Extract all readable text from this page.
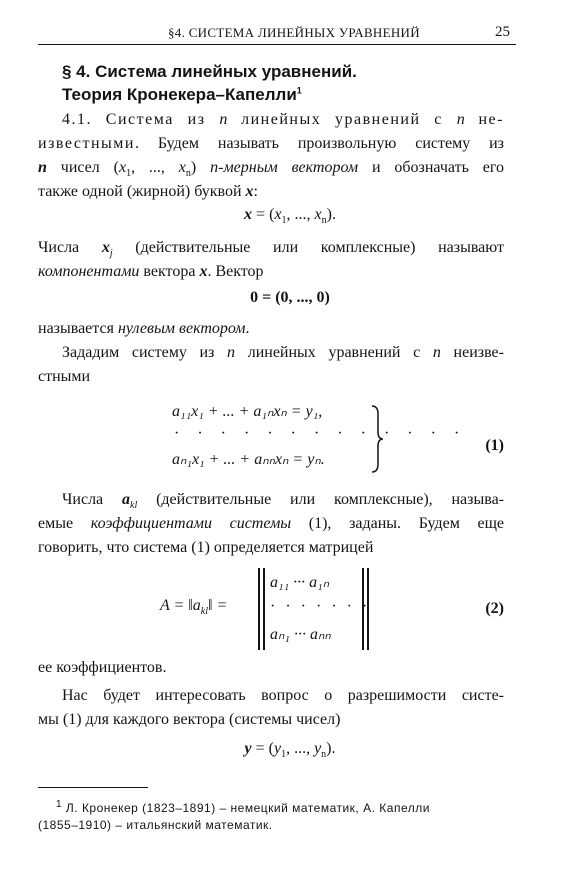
§4. СИСТЕМА ЛИНЕЙНЫХ УРАВНЕНИЙ	25
§ 4. Система линейных уравнений.
Теория Кронекера–Капелли$^1$
4.1. Система из n линейных уравнений с n не-
известными. Будем называть произвольную систему из
n чисел ($x_1$, ..., $x_n$) n-мерным вектором и обозначать его
также одной (жирной) буквой x:
$x = (x_1$, ..., $x_n$).
Числа $x_j$ (действительные или комплексные) называют
компонентами вектора x. Вектор
0 = (0, ..., 0)
называется нулевым вектором.
Зададим систему из n линейных уравнений с n неизве-
стными
a₁₁x₁ + ... + a₁ₙxₙ = y₁,
· · · · · · · · · · · · ·
aₙ₁x₁ + ... + aₙₙxₙ = yₙ.
(1)
Числа $a_{kl}$ (действительные или комплексные), называ-
емые коэффициентами системы (1), заданы. Будем еще
говорить, что система (1) определяется матрицей
$A = ‖a_{kl}‖$ =
a₁₁ ··· a₁ₙ
· · · · · · ·
aₙ₁ ··· aₙₙ
(2)
ее коэффициентов.
Нас будет интересовать вопрос о разрешимости систе-
мы (1) для каждого вектора (системы чисел)
$y = (y_1$, ..., $y_n$).
$^1$ Л. Кронекер (1823–1891) – немецкий математик, А. Капелли
(1855–1910) – итальянский математик.
